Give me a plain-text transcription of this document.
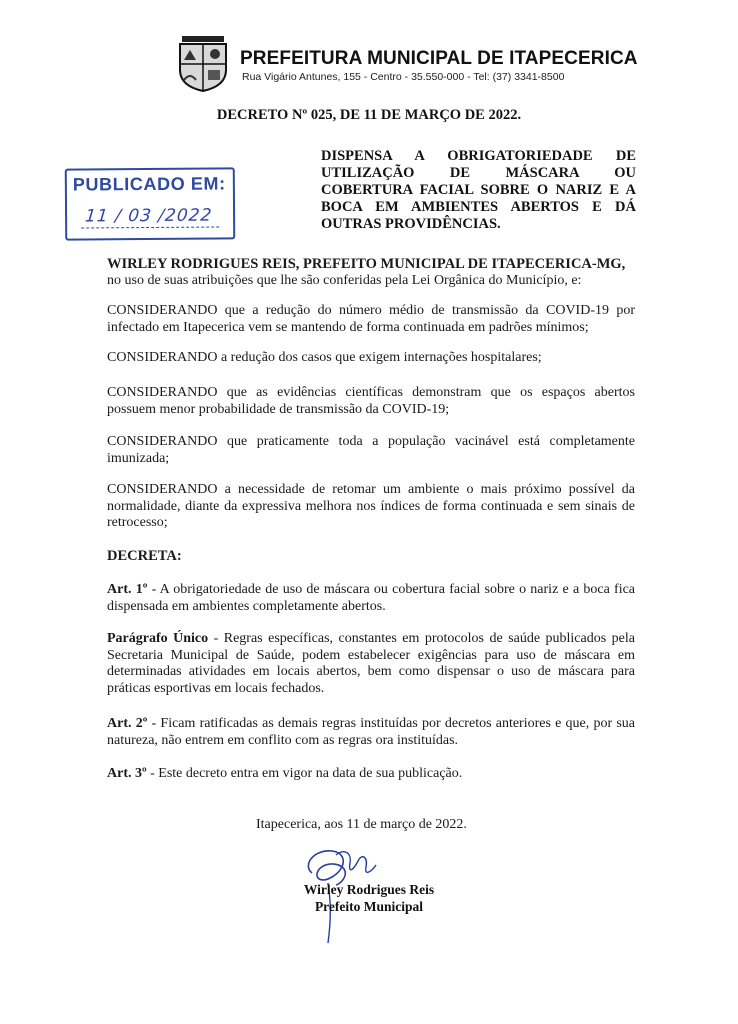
PREFEITURA MUNICIPAL DE ITAPECERICA
Rua Vigário Antunes, 155 - Centro - 35.550-000 - Tel: (37) 3341-8500
DECRETO Nº 025, DE 11 DE MARÇO DE 2022.
PUBLICADO EM:
11 / 03 /2022

DISPENSA A OBRIGATORIEDADE DE UTILIZAÇÃO DE MÁSCARA OU COBERTURA FACIAL SOBRE O NARIZ E A BOCA EM AMBIENTES ABERTOS E DÁ OUTRAS PROVIDÊNCIAS.

WIRLEY RODRIGUES REIS, PREFEITO MUNICIPAL DE ITAPECERICA-MG,
no uso de suas atribuições que lhe são conferidas pela Lei Orgânica do Município, e:

CONSIDERANDO que a redução do número médio de transmissão da COVID-19 por infectado em Itapecerica vem se mantendo de forma continuada em padrões mínimos;

CONSIDERANDO a redução dos casos que exigem internações hospitalares;

CONSIDERANDO que as evidências científicas demonstram que os espaços abertos possuem menor probabilidade de transmissão da COVID-19;

CONSIDERANDO que praticamente toda a população vacinável está completamente imunizada;

CONSIDERANDO a necessidade de retomar um ambiente o mais próximo possível da normalidade, diante da expressiva melhora nos índices de forma continuada e sem sinais de retrocesso;

DECRETA:

Art. 1º - A obrigatoriedade de uso de máscara ou cobertura facial sobre o nariz e a boca fica dispensada em ambientes completamente abertos.

Parágrafo Único - Regras específicas, constantes em protocolos de saúde publicados pela Secretaria Municipal de Saúde, podem estabelecer exigências para uso de máscara em determinadas atividades em locais abertos, bem como dispensar o uso de máscara para práticas esportivas em locais fechados.

Art. 2º - Ficam ratificadas as demais regras instituídas por decretos anteriores e que, por sua natureza, não entrem em conflito com as regras ora instituídas.

Art. 3º - Este decreto entra em vigor na data de sua publicação.

Itapecerica, aos 11 de março de 2022.

Wirley Rodrigues Reis

Prefeito Municipal
